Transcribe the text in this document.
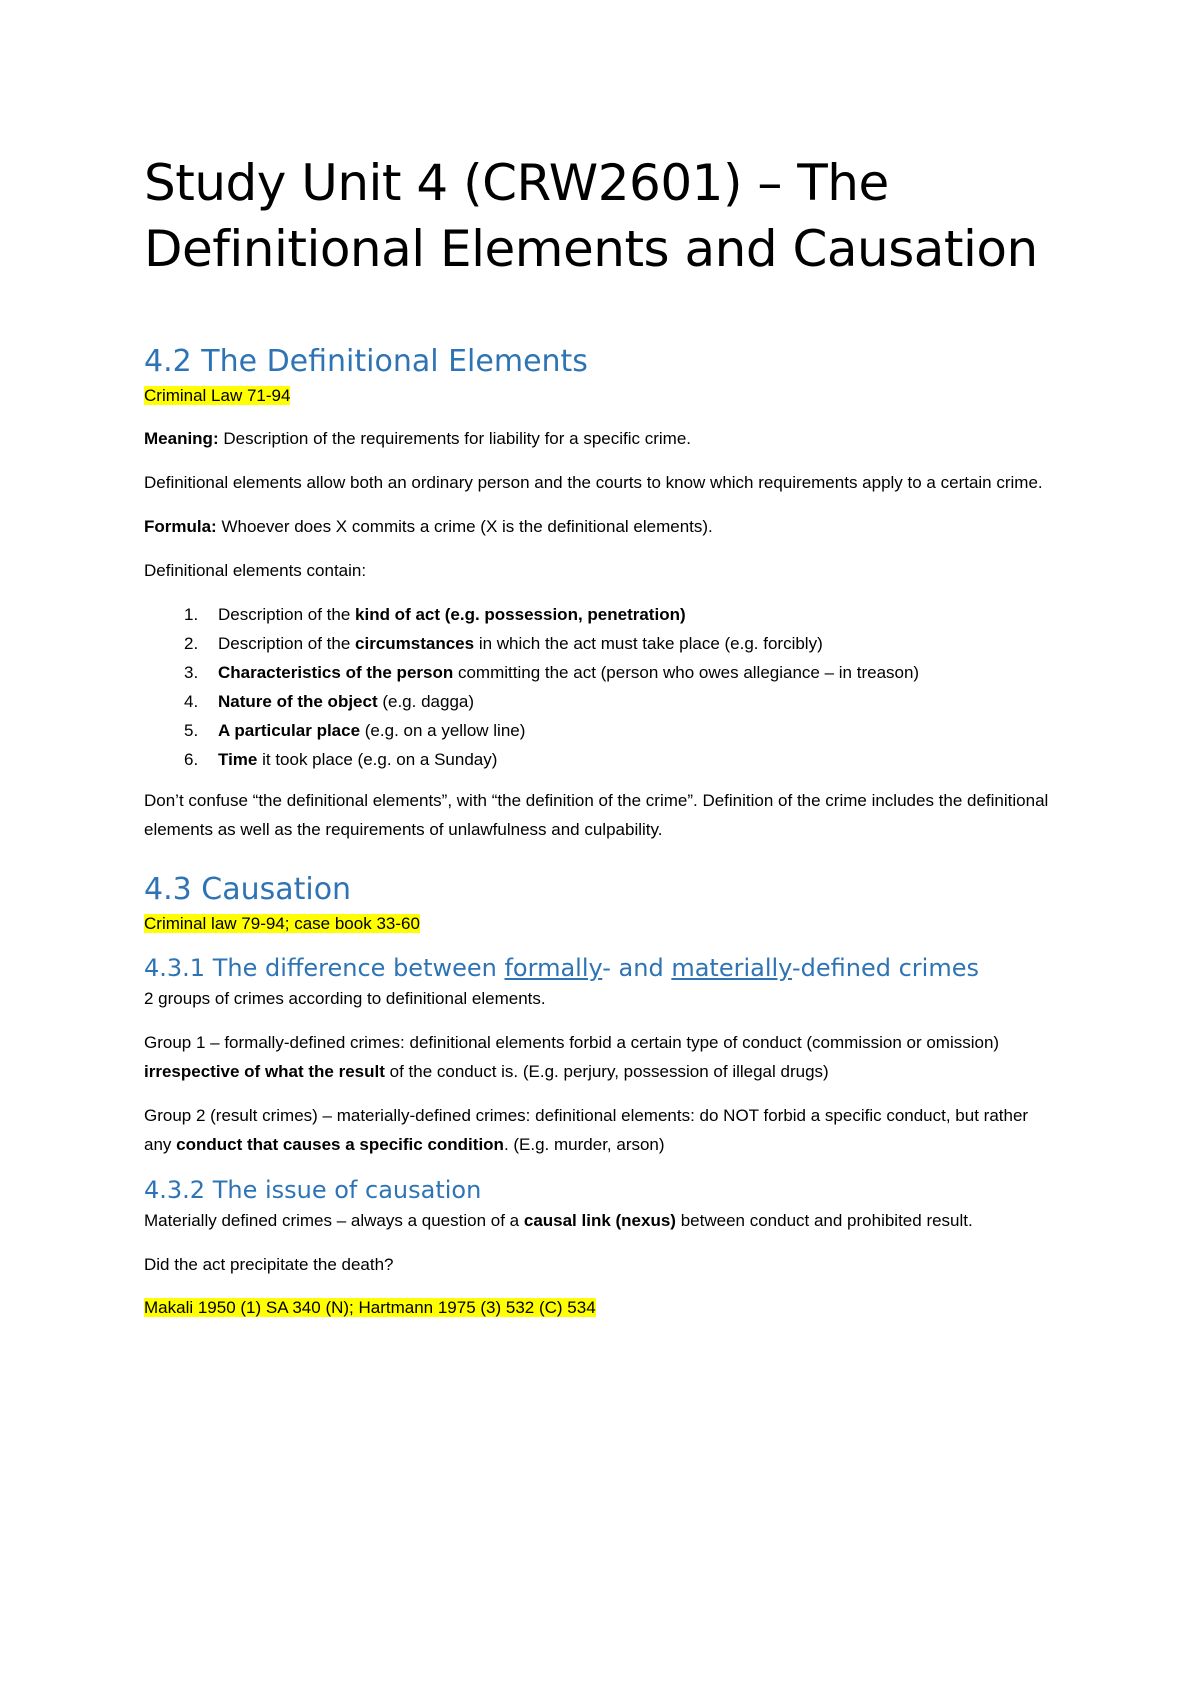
Study Unit 4 (CRW2601) – The Definitional Elements and Causation
4.2 The Definitional Elements

Criminal Law 71-94

Meaning: Description of the requirements for liability for a specific crime.

Definitional elements allow both an ordinary person and the courts to know which requirements apply to a certain crime.

Formula: Whoever does X commits a crime (X is the definitional elements).

Definitional elements contain:

1. Description of the kind of act (e.g. possession, penetration)
2. Description of the circumstances in which the act must take place (e.g. forcibly)
3. Characteristics of the person committing the act (person who owes allegiance – in treason)
4. Nature of the object (e.g. dagga)
5. A particular place (e.g. on a yellow line)
6. Time it took place (e.g. on a Sunday)

Don’t confuse “the definitional elements”, with “the definition of the crime”. Definition of the crime includes the definitional elements as well as the requirements of unlawfulness and culpability.

4.3 Causation

Criminal law 79-94; case book 33-60

4.3.1 The difference between formally- and materially-defined crimes

2 groups of crimes according to definitional elements.

Group 1 – formally-defined crimes: definitional elements forbid a certain type of conduct (commission or omission) irrespective of what the result of the conduct is. (E.g. perjury, possession of illegal drugs)

Group 2 (result crimes) – materially-defined crimes: definitional elements: do NOT forbid a specific conduct, but rather any conduct that causes a specific condition. (E.g. murder, arson)

4.3.2 The issue of causation

Materially defined crimes – always a question of a causal link (nexus) between conduct and prohibited result.

Did the act precipitate the death?

Makali 1950 (1) SA 340 (N); Hartmann 1975 (3) 532 (C) 534
